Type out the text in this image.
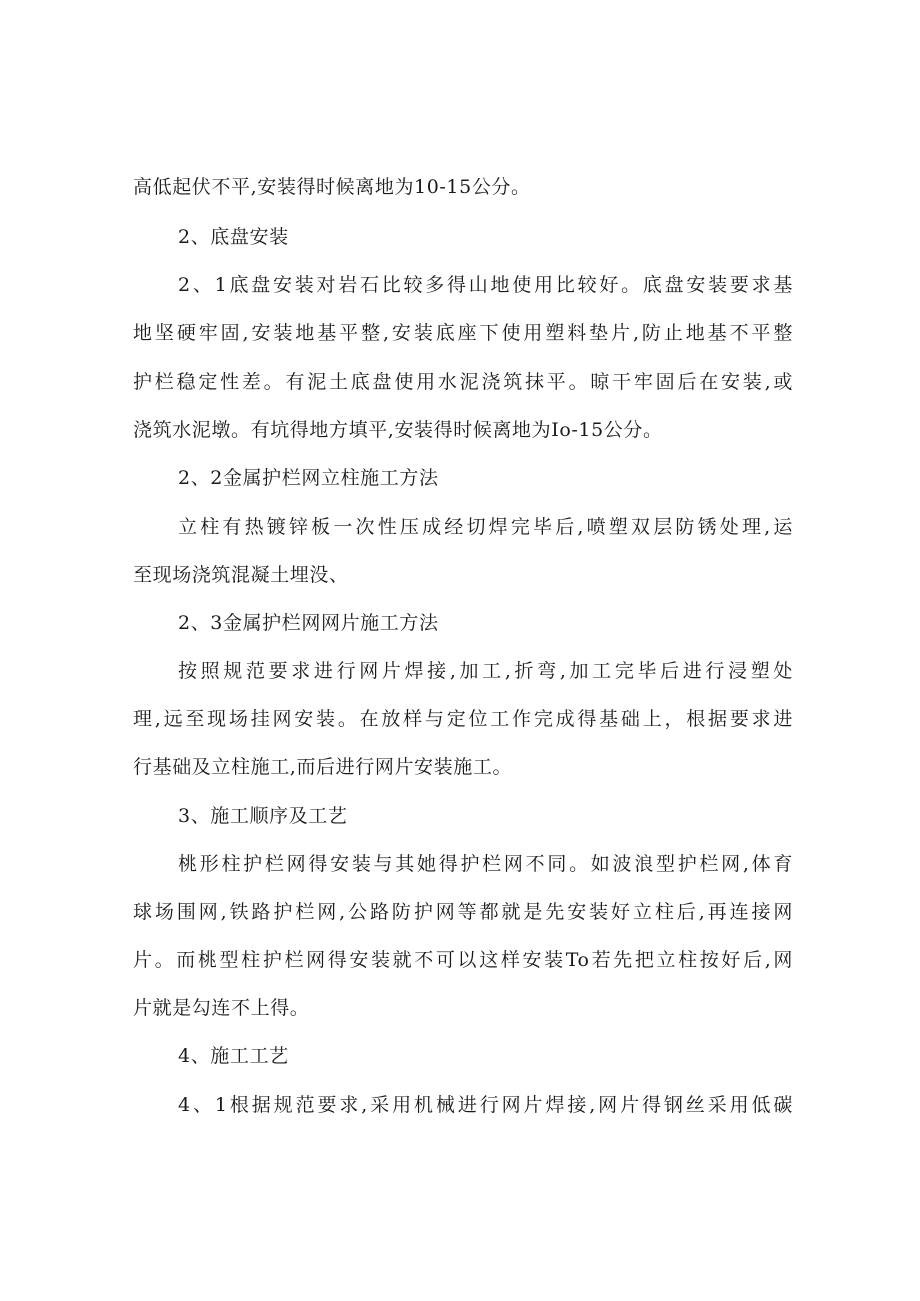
高低起伏不平,安装得时候离地为10-15公分。
2、底盘安装
2、1底盘安装对岩石比较多得山地使用比较好。底盘安装要求基
地坚硬牢固,安装地基平整,安装底座下使用塑料垫片,防止地基不平整
护栏稳定性差。有泥土底盘使用水泥浇筑抹平。晾干牢固后在安装,或
浇筑水泥墩。有坑得地方填平,安装得时候离地为Io-15公分。
2、2金属护栏网立柱施工方法
立柱有热镀锌板一次性压成经切焊完毕后,喷塑双层防锈处理,运
至现场浇筑混凝土埋没、
2、3金属护栏网网片施工方法
按照规范要求进行网片焊接,加工,折弯,加工完毕后进行浸塑处
理,远至现场挂网安装。在放样与定位工作完成得基础上，根据要求进
行基础及立柱施工,而后进行网片安装施工。
3、施工顺序及工艺
桃形柱护栏网得安装与其她得护栏网不同。如波浪型护栏网,体育
球场围网,铁路护栏网,公路防护网等都就是先安装好立柱后,再连接网
片。而桃型柱护栏网得安装就不可以这样安装To若先把立柱按好后,网
片就是勾连不上得。
4、施工工艺
4、1根据规范要求,采用机械进行网片焊接,网片得钢丝采用低碳
